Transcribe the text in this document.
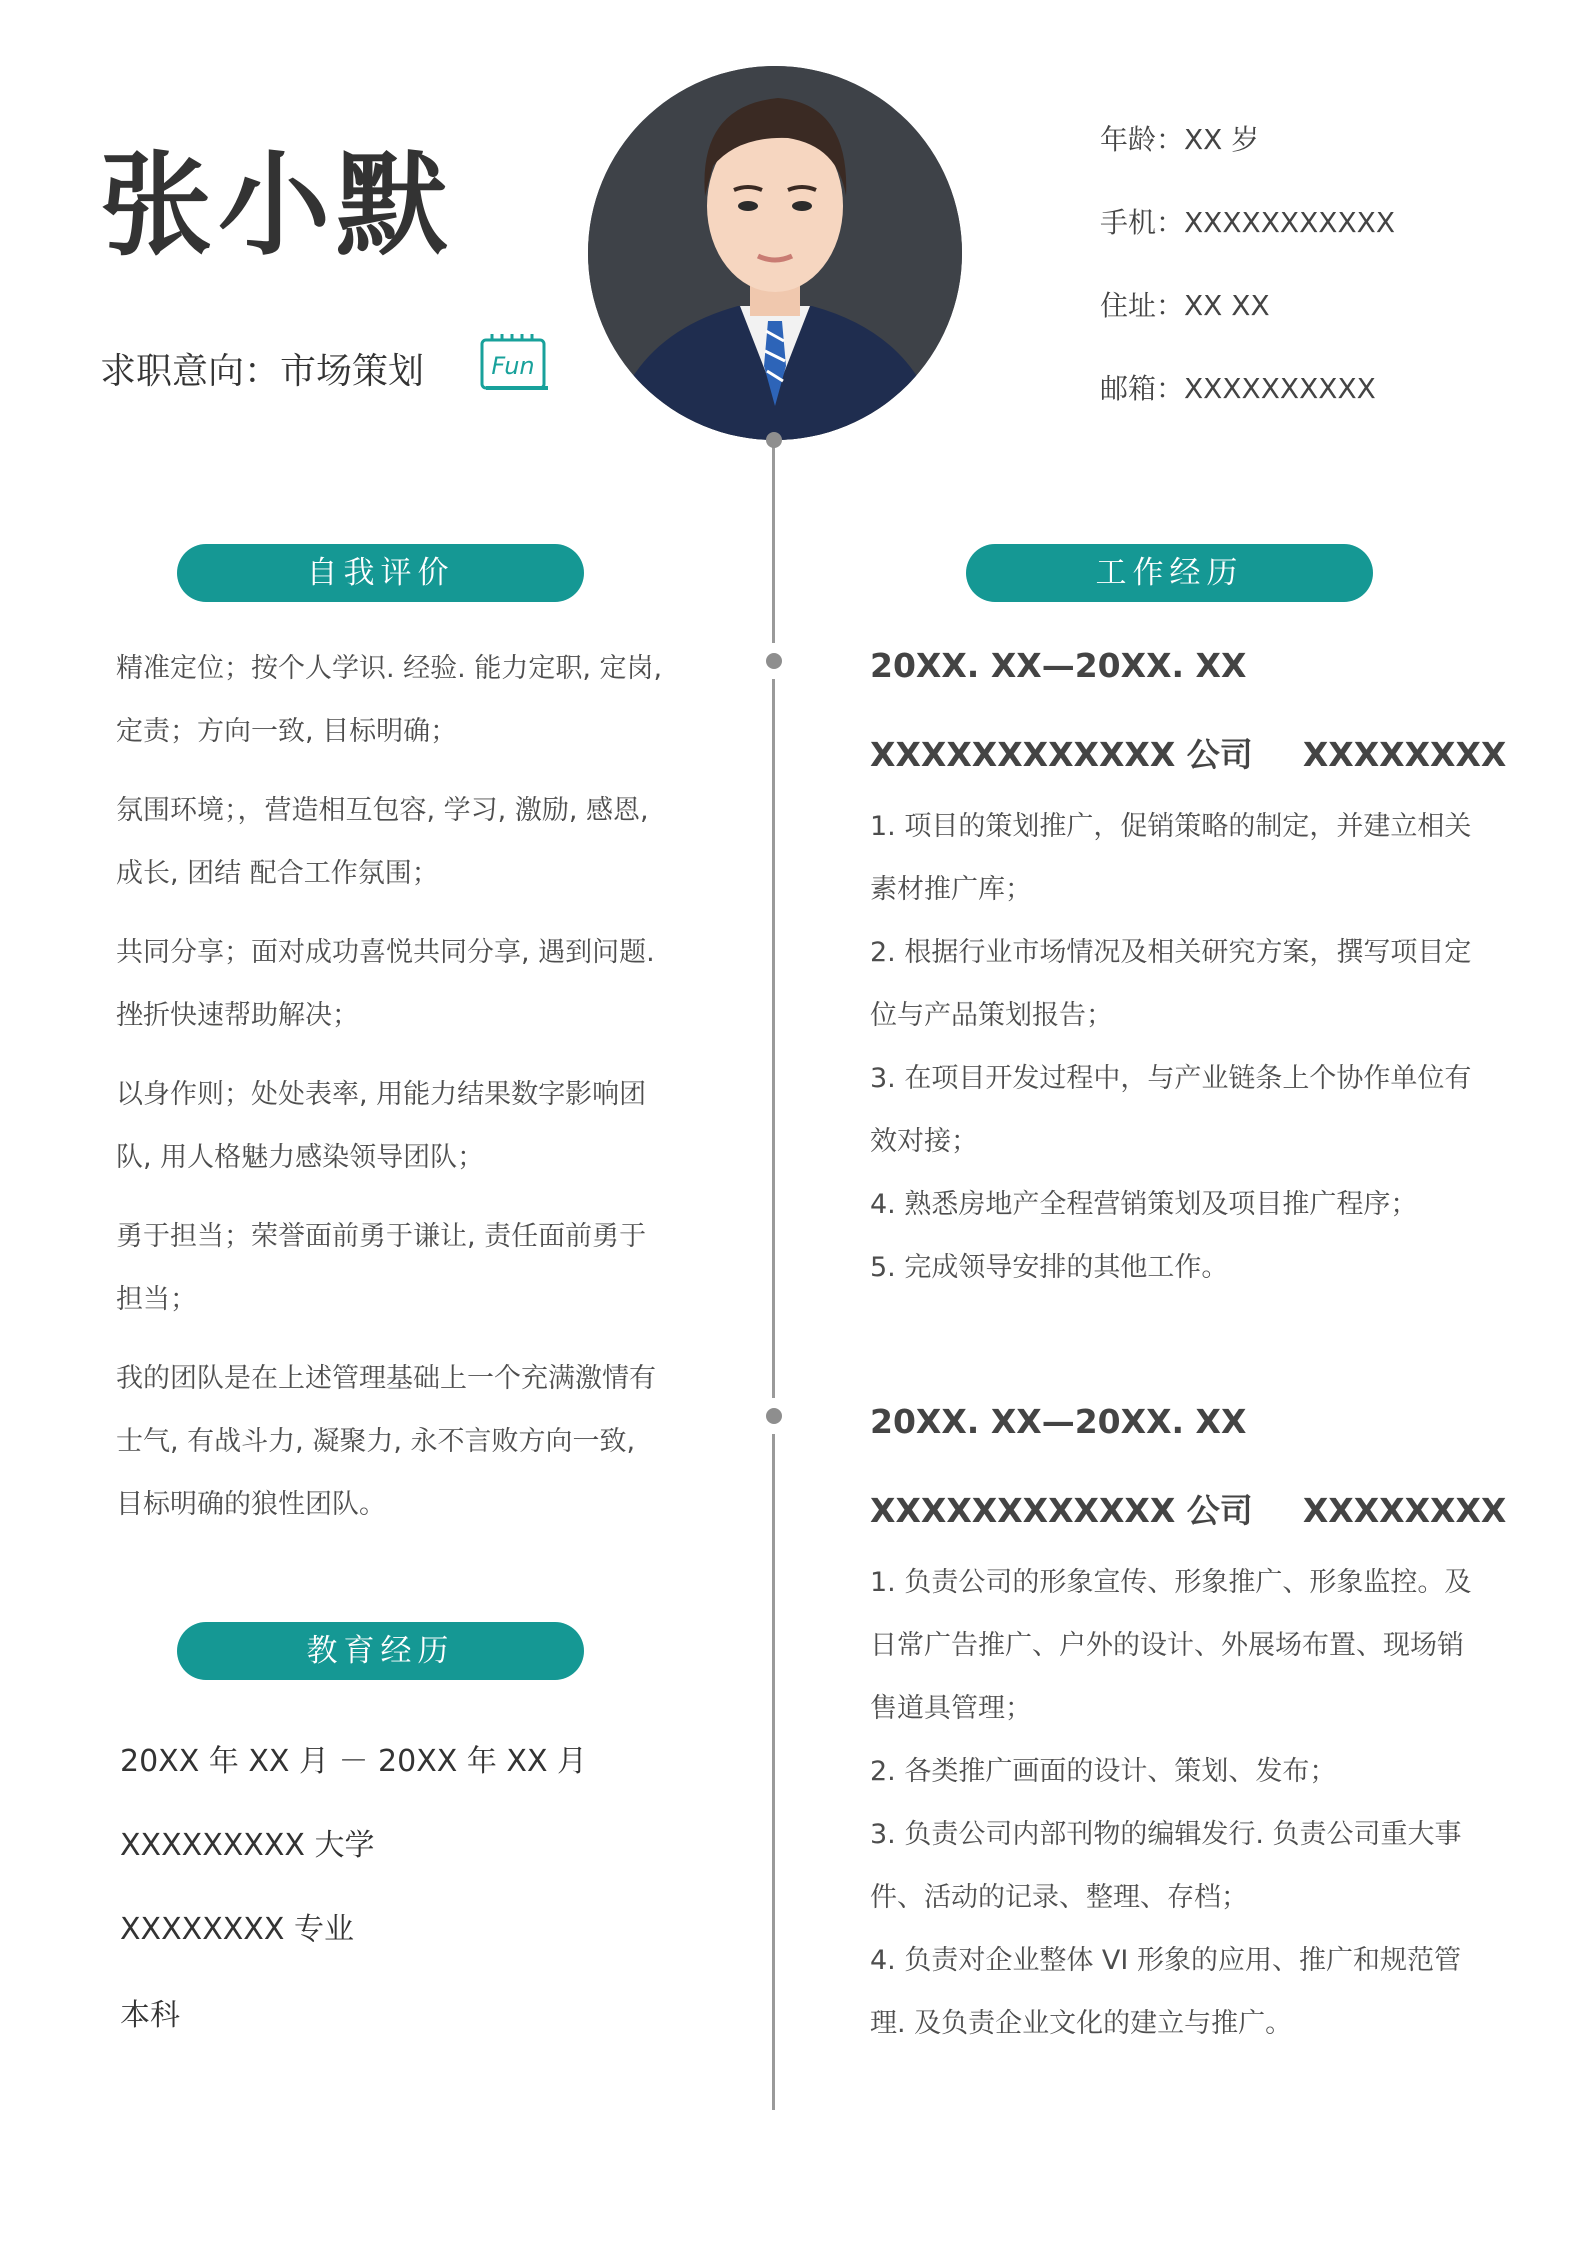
张小默
求职意向：市场策划	Fun
年龄：XX 岁
手机：XXXXXXXXXXX
住址：XX XX
邮箱：XXXXXXXXXX
自我评价

精准定位；按个人学识. 经验. 能力定职, 定岗, 定责；方向一致, 目标明确；

氛围环境；，营造相互包容, 学习, 激励, 感恩, 成长, 团结 配合工作氛围；

共同分享；面对成功喜悦共同分享, 遇到问题. 挫折快速帮助解决；

以身作则；处处表率, 用能力结果数字影响团队, 用人格魅力感染领导团队；

勇于担当；荣誉面前勇于谦让, 责任面前勇于担当；

我的团队是在上述管理基础上一个充满激情有士气, 有战斗力, 凝聚力, 永不言败方向一致, 目标明确的狼性团队。

教育经历
20XX 年 XX 月 － 20XX 年 XX 月
XXXXXXXXX 大学
XXXXXXXX 专业
本科
工作经历
20XX. XX—20XX. XX
XXXXXXXXXXXX 公司 XXXXXXXX

1. 项目的策划推广，促销策略的制定，并建立相关素材推广库；

2. 根据行业市场情况及相关研究方案，撰写项目定位与产品策划报告；

3. 在项目开发过程中，与产业链条上个协作单位有效对接；

4. 熟悉房地产全程营销策划及项目推广程序；

5. 完成领导安排的其他工作。

20XX. XX—20XX. XX
XXXXXXXXXXXX 公司 XXXXXXXX

1. 负责公司的形象宣传、形象推广、形象监控。及日常广告推广、户外的设计、外展场布置、现场销售道具管理；

2. 各类推广画面的设计、策划、发布；

3. 负责公司内部刊物的编辑发行. 负责公司重大事件、活动的记录、整理、存档；

4. 负责对企业整体 VI 形象的应用、推广和规范管理. 及负责企业文化的建立与推广。
